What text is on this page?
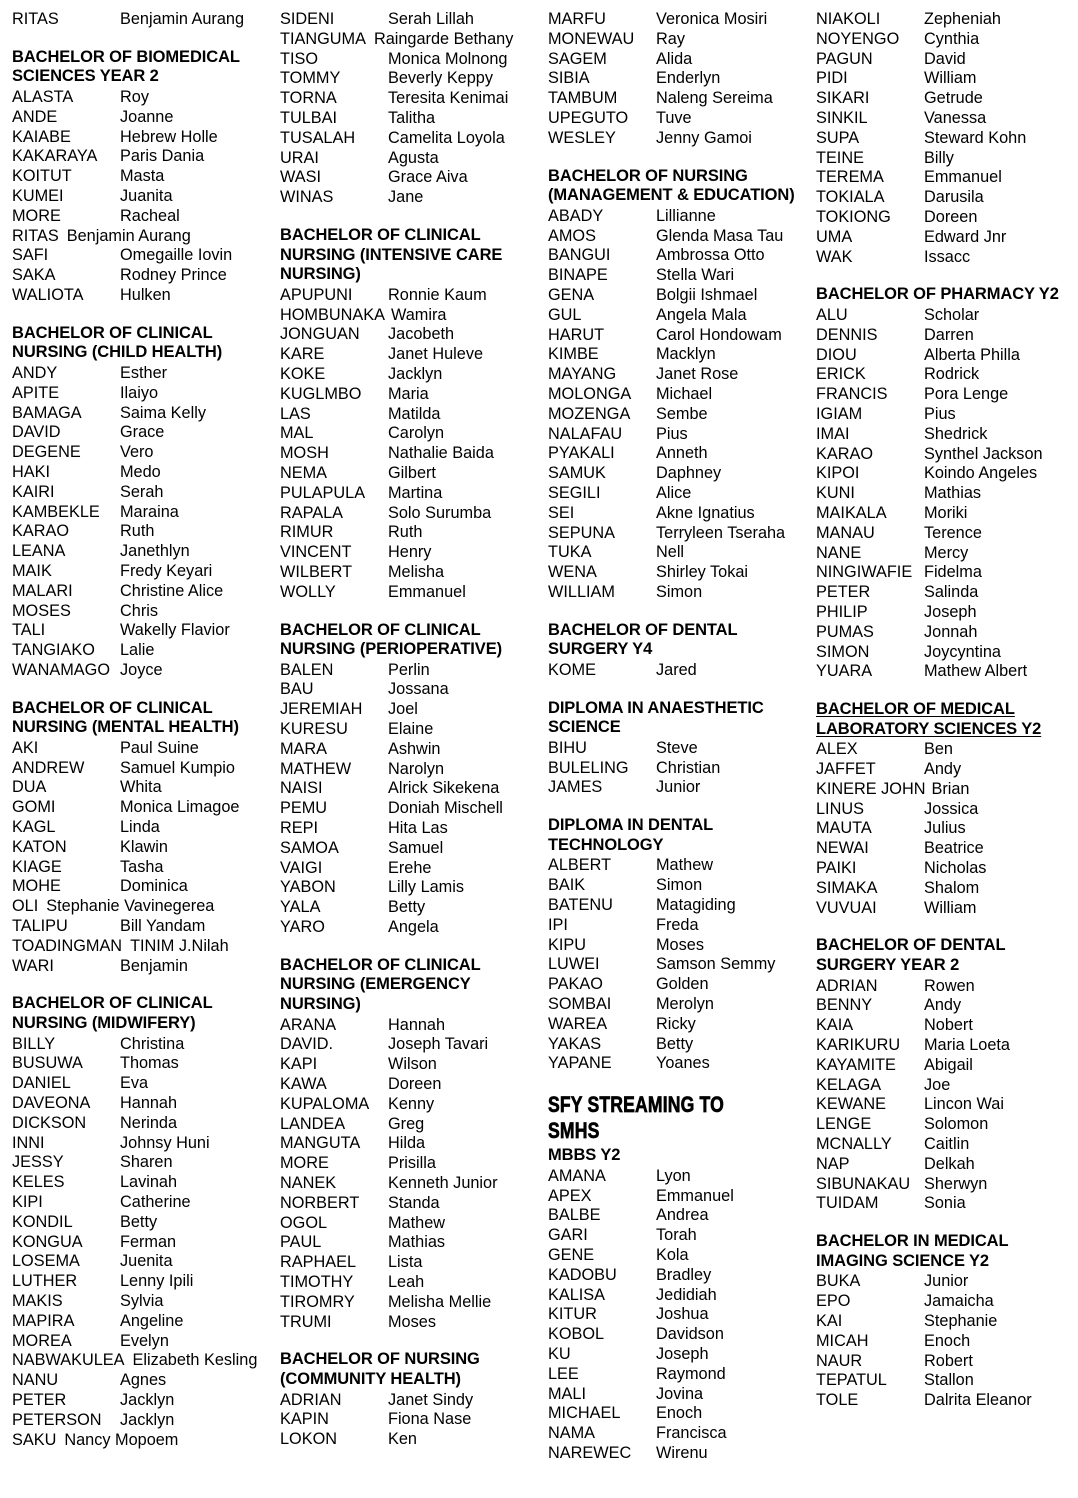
RITAS	Benjamin Aurang
BACHELOR OF BIOMEDICAL SCIENCES YEAR 2
ALASTA	Roy
ANDE	Joanne
KAIABE	Hebrew Holle
KAKARAYA	Paris Dania
KOITUT	Masta
KUMEI	Juanita
MORE	Racheal
RITAS Benjamin Aurang
SAFI	Omegaille Iovin
SAKA	Rodney Prince
WALIOTA	Hulken
BACHELOR OF CLINICAL NURSING (CHILD HEALTH)
ANDY	Esther
APITE	Ilaiyo
BAMAGA	Saima Kelly
DAVID	Grace
DEGENE	Vero
HAKI	Medo
KAIRI	Serah
KAMBEKLE	Maraina
KARAO	Ruth
LEANA	Janethlyn
MAIK	Fredy Keyari
MALARI	Christine Alice
MOSES	Chris
TALI	Wakelly Flavior
TANGIAKO	Lalie
WANAMAGO Joyce
BACHELOR OF CLINICAL NURSING (MENTAL HEALTH)
AKI	Paul Suine
ANDREW	Samuel Kumpio
DUA	Whita
GOMI	Monica Limagoe
KAGL	Linda
KATON	Klawin
KIAGE	Tasha
MOHE	Dominica
OLI Stephanie Vavinegerea
TALIPU	Bill Yandam
TOADINGMAN TINIM J.Nilah
WARI	Benjamin
BACHELOR OF CLINICAL NURSING (MIDWIFERY)
BILLY	Christina
BUSUWA	Thomas
DANIEL	Eva
DAVEONA	Hannah
DICKSON	Nerinda
INNI	Johnsy Huni
JESSY	Sharen
KELES	Lavinah
KIPI	Catherine
KONDIL	Betty
KONGUA	Ferman
LOSEMA	Juenita
LUTHER	Lenny Ipili
MAKIS	Sylvia
MAPIRA	Angeline
MOREA	Evelyn
NABWAKULEA Elizabeth Kesling
NANU	Agnes
PETER	Jacklyn
PETERSON	Jacklyn
SAKU Nancy Mopoem
SIDENI	Serah Lillah
TIANGUMA Raingarde Bethany
TISO	Monica Molnong
TOMMY	Beverly Keppy
TORNA	Teresita Kenimai
TULBAI	Talitha
TUSALAH	Camelita Loyola
URAI	Agusta
WASI	Grace Aiva
WINAS	Jane
BACHELOR OF CLINICAL NURSING (INTENSIVE CARE NURSING)
APUPUNI	Ronnie Kaum
HOMBUNAKA Wamira
JONGUAN	Jacobeth
KARE	Janet Huleve
KOKE	Jacklyn
KUGLMBO	Maria
LAS	Matilda
MAL	Carolyn
MOSH	Nathalie Baida
NEMA	Gilbert
PULAPULA	Martina
RAPALA	Solo Surumba
RIMUR	Ruth
VINCENT	Henry
WILBERT	Melisha
WOLLY	Emmanuel
BACHELOR OF CLINICAL NURSING (PERIOPERATIVE)
BALEN	Perlin
BAU	Jossana
JEREMIAH	Joel
KURESU	Elaine
MARA	Ashwin
MATHEW	Narolyn
NAISI	Alrick Sikekena
PEMU	Doniah Mischell
REPI	Hita Las
SAMOA	Samuel
VAIGI	Erehe
YABON	Lilly Lamis
YALA	Betty
YARO	Angela
BACHELOR OF CLINICAL NURSING (EMERGENCY NURSING)
ARANA	Hannah
DAVID.	Joseph Tavari
KAPI	Wilson
KAWA	Doreen
KUPALOMA	Kenny
LANDEA	Greg
MANGUTA	Hilda
MORE	Prisilla
NANEK	Kenneth Junior
NORBERT	Standa
OGOL	Mathew
PAUL	Mathias
RAPHAEL	Lista
TIMOTHY	Leah
TIROMRY	Melisha Mellie
TRUMI	Moses
BACHELOR OF NURSING (COMMUNITY HEALTH)
ADRIAN	Janet Sindy
KAPIN	Fiona Nase
LOKON	Ken
MARFU	Veronica Mosiri
MONEWAU	Ray
SAGEM	Alida
SIBIA	Enderlyn
TAMBUM	Naleng Sereima
UPEGUTO	Tuve
WESLEY	Jenny Gamoi
BACHELOR OF NURSING (MANAGEMENT & EDUCATION)
ABADY	Lillianne
AMOS	Glenda Masa Tau
BANGUI	Ambrossa Otto
BINAPE	Stella Wari
GENA	Bolgii Ishmael
GUL	Angela Mala
HARUT	Carol Hondowam
KIMBE	Macklyn
MAYANG	Janet Rose
MOLONGA	Michael
MOZENGA	Sembe
NALAFAU	Pius
PYAKALI	Anneth
SAMUK	Daphney
SEGILI	Alice
SEI	Akne Ignatius
SEPUNA	Terryleen Tseraha
TUKA	Nell
WENA	Shirley Tokai
WILLIAM	Simon
BACHELOR OF DENTAL SURGERY Y4
KOME	Jared
DIPLOMA IN ANAESTHETIC SCIENCE
BIHU	Steve
BULELING	Christian
JAMES	Junior
DIPLOMA IN DENTAL TECHNOLOGY
ALBERT	Mathew
BAIK	Simon
BATENU	Matagiding
IPI	Freda
KIPU	Moses
LUWEI	Samson Semmy
PAKAO	Golden
SOMBAI	Merolyn
WAREA	Ricky
YAKAS	Betty
YAPANE	Yoanes
SFY STREAMING TO SMHS
MBBS Y2
AMANA	Lyon
APEX	Emmanuel
BALBE	Andrea
GARI	Torah
GENE	Kola
KADOBU	Bradley
KALISA	Jedidiah
KITUR	Joshua
KOBOL	Davidson
KU	Joseph
LEE	Raymond
MALI	Jovina
MICHAEL	Enoch
NAMA	Francisca
NAREWEC	Wirenu
NIAKOLI	Zepheniah
NOYENGO	Cynthia
PAGUN	David
PIDI	William
SIKARI	Getrude
SINKIL	Vanessa
SUPA	Steward Kohn
TEINE	Billy
TEREMA	Emmanuel
TOKIALA	Darusila
TOKIONG	Doreen
UMA	Edward Jnr
WAK	Issacc
BACHELOR OF PHARMACY Y2
ALU	Scholar
DENNIS	Darren
DIOU	Alberta Philla
ERICK	Rodrick
FRANCIS	Pora Lenge
IGIAM	Pius
IMAI	Shedrick
KARAO	Synthel Jackson
KIPOI	Koindo Angeles
KUNI	Mathias
MAIKALA	Moriki
MANAU	Terence
NANE	Mercy
NINGIWAFIE Fidelma
PETER	Salinda
PHILIP	Joseph
PUMAS	Jonnah
SIMON	Joycyntina
YUARA	Mathew Albert
BACHELOR OF MEDICAL LABORATORY SCIENCES Y2
ALEX	Ben
JAFFET	Andy
KINERE JOHN Brian
LINUS	Jossica
MAUTA	Julius
NEWAI	Beatrice
PAIKI	Nicholas
SIMAKA	Shalom
VUVUAI	William
BACHELOR OF DENTAL SURGERY YEAR 2
ADRIAN	Rowen
BENNY	Andy
KAIA	Nobert
KARIKURU	Maria Loeta
KAYAMITE	Abigail
KELAGA	Joe
KEWANE	Lincon Wai
LENGE	Solomon
MCNALLY	Caitlin
NAP	Delkah
SIBUNAKAU Sherwyn
TUIDAM	Sonia
BACHELOR IN MEDICAL IMAGING SCIENCE Y2
BUKA	Junior
EPO	Jamaicha
KAI	Stephanie
MICAH	Enoch
NAUR	Robert
TEPATUL	Stallon
TOLE	Dalrita Eleanor
